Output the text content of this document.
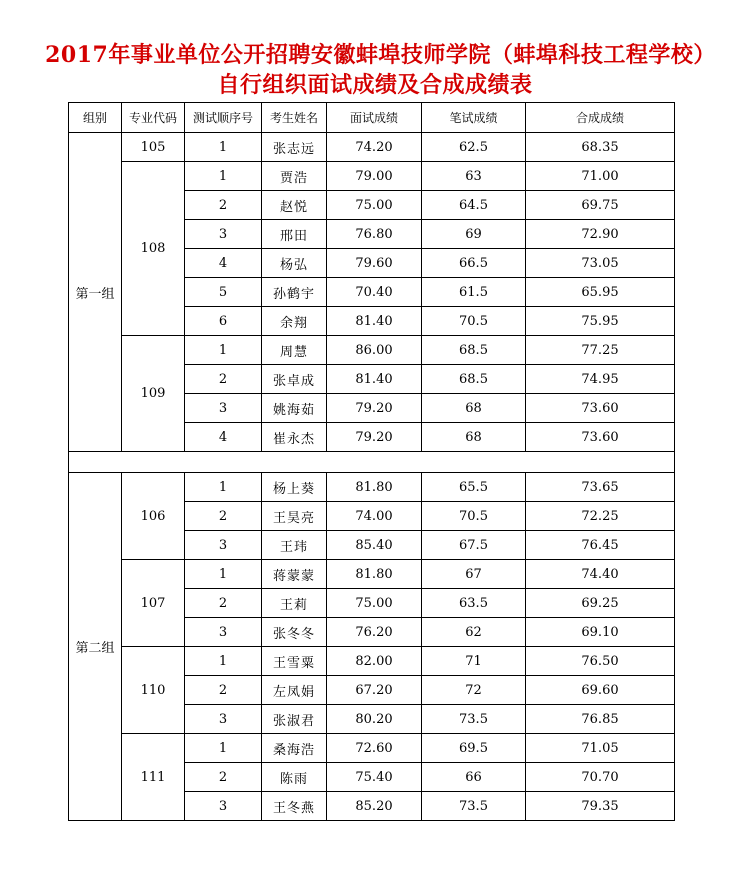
2017年事业单位公开招聘安徽蚌埠技师学院（蚌埠科技工程学校）自行组织面试成绩及合成成绩表
组别	专业代码	测试顺序号	考生姓名	面试成绩	笔试成绩	合成成绩
第一组	105	1	张志远	74.20	62.5	68.35
	108	1	贾浩	79.00	63	71.00
		2	赵悦	75.00	64.5	69.75
		3	邢田	76.80	69	72.90
		4	杨弘	79.60	66.5	73.05
		5	孙鹤宇	70.40	61.5	65.95
		6	余翔	81.40	70.5	75.95
	109	1	周慧	86.00	68.5	77.25
		2	张卓成	81.40	68.5	74.95
		3	姚海茹	79.20	68	73.60
		4	崔永杰	79.20	68	73.60

第二组	106	1	杨上葵	81.80	65.5	73.65
		2	王昊亮	74.00	70.5	72.25
		3	王玮	85.40	67.5	76.45
	107	1	蒋蒙蒙	81.80	67	74.40
		2	王莉	75.00	63.5	69.25
		3	张冬冬	76.20	62	69.10
	110	1	王雪粟	82.00	71	76.50
		2	左凤娟	67.20	72	69.60
		3	张淑君	80.20	73.5	76.85
	111	1	桑海浩	72.60	69.5	71.05
		2	陈雨	75.40	66	70.70
		3	王冬燕	85.20	73.5	79.35
